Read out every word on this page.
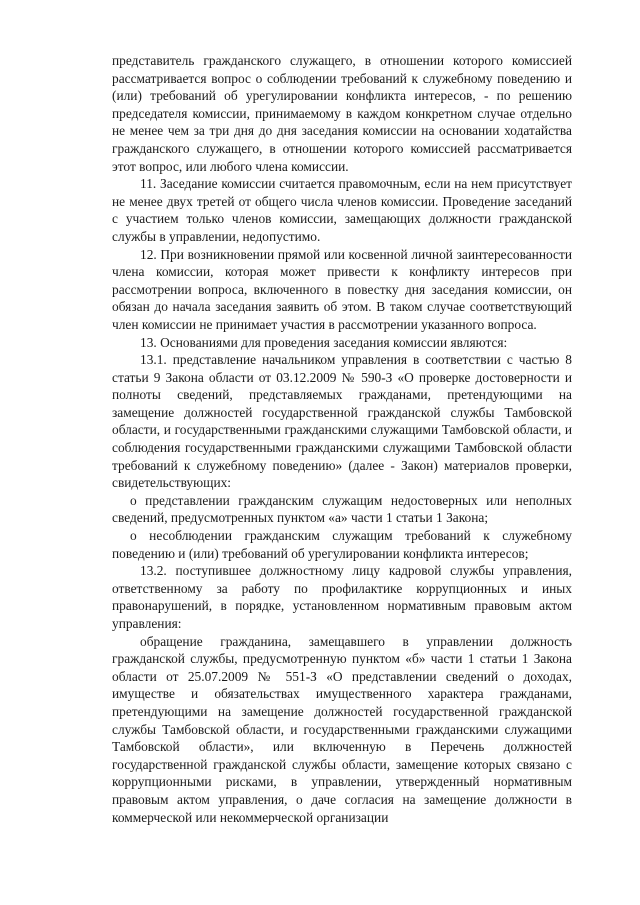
представитель гражданского служащего, в отношении которого комиссией рассматривается вопрос о соблюдении требований к служебному поведению и (или) требований об урегулировании конфликта интересов, - по решению председателя комиссии, принимаемому в каждом конкретном случае отдельно не менее чем за три дня до дня заседания комиссии на основании ходатайства гражданского служащего, в отношении которого комиссией рассматривается этот вопрос, или любого члена комиссии.

11. Заседание комиссии считается правомочным, если на нем присутствует не менее двух третей от общего числа членов комиссии. Проведение заседаний с участием только членов комиссии, замещающих должности гражданской службы в управлении, недопустимо.

12. При возникновении прямой или косвенной личной заинтересованности члена комиссии, которая может привести к конфликту интересов при рассмотрении вопроса, включенного в повестку дня заседания комиссии, он обязан до начала заседания заявить об этом. В таком случае соответствующий член комиссии не принимает участия в рассмотрении указанного вопроса.

13. Основаниями для проведения заседания комиссии являются:

13.1. представление начальником управления в соответствии с частью 8 статьи 9 Закона области от 03.12.2009 № 590-З «О проверке достоверности и полноты сведений, представляемых гражданами, претендующими на замещение должностей государственной гражданской службы Тамбовской области, и государственными гражданскими служащими Тамбовской области, и соблюдения государственными гражданскими служащими Тамбовской области требований к служебному поведению» (далее - Закон) материалов проверки, свидетельствующих:

о представлении гражданским служащим недостоверных или неполных сведений, предусмотренных пунктом «а» части 1 статьи 1 Закона;

о несоблюдении гражданским служащим требований к служебному поведению и (или) требований об урегулировании конфликта интересов;

13.2. поступившее должностному лицу кадровой службы управления, ответственному за работу по профилактике коррупционных и иных правонарушений, в порядке, установленном нормативным правовым актом управления:

обращение гражданина, замещавшего в управлении должность гражданской службы, предусмотренную пунктом «б» части 1 статьи 1 Закона области от 25.07.2009 № 551-З «О представлении сведений о доходах, имуществе и обязательствах имущественного характера гражданами, претендующими на замещение должностей государственной гражданской службы Тамбовской области, и государственными гражданскими служащими Тамбовской области», или включенную в Перечень должностей государственной гражданской службы области, замещение которых связано с коррупционными рисками, в управлении, утвержденный нормативным правовым актом управления, о даче согласия на замещение должности в коммерческой или некоммерческой организации
